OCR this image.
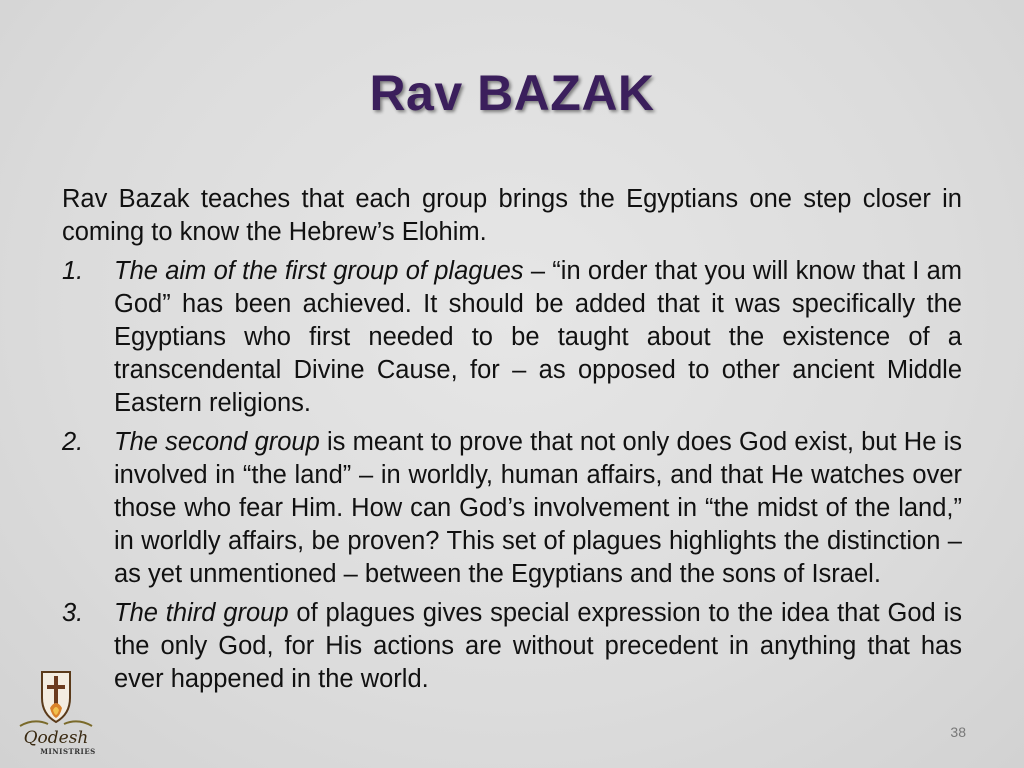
Rav BAZAK

Rav Bazak teaches that each group brings the Egyptians one step closer in coming to know the Hebrew’s Elohim.

1. The aim of the first group of plagues – “in order that you will know that I am God” has been achieved. It should be added that it was specifically the Egyptians who first needed to be taught about the existence of a transcendental Divine Cause, for – as opposed to other ancient Middle Eastern religions.
2. The second group is meant to prove that not only does God exist, but He is involved in “the land” – in worldly, human affairs, and that He watches over those who fear Him. How can God’s involvement in “the midst of the land,” in worldly affairs, be proven? This set of plagues highlights the distinction – as yet unmentioned – between the Egyptians and the sons of Israel.
3. The third group of plagues gives special expression to the idea that God is the only God, for His actions are without precedent in anything that has ever happened in the world.
Qodesh
MINISTRIES
38
